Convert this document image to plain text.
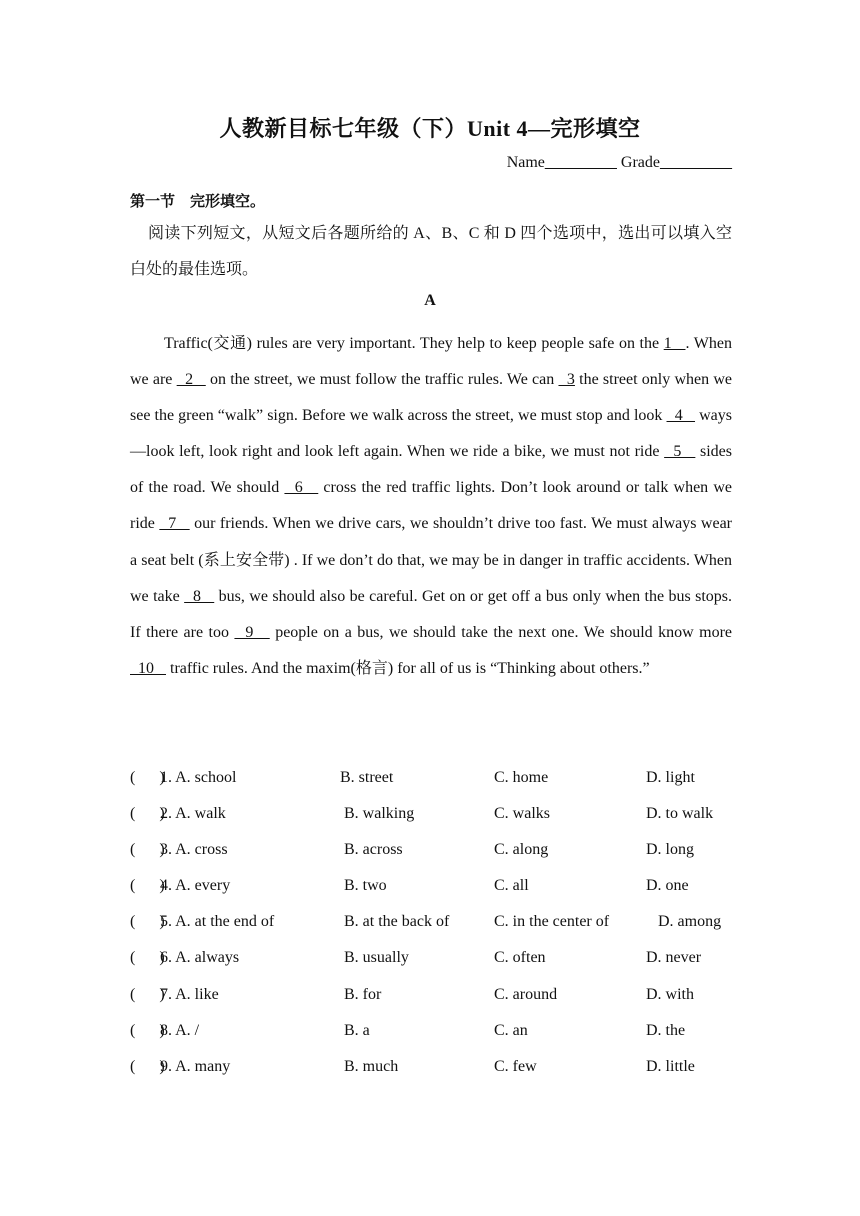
人教新目标七年级（下）Unit 4—完形填空
Name_________ Grade_________
第一节　完形填空。
阅读下列短文，从短文后各题所给的 A、B、C 和 D 四个选项中，选出可以填入空白处的最佳选项。
A
Traffic(交通) rules are very important. They help to keep people safe on the 1   . When we are   2    on the street, we must follow the traffic rules. We can   3 the street only when we see the green “walk” sign. Before we walk across the street, we must stop and look   4    ways—look left, look right and look left again. When we ride a bike, we must not ride   5    sides of the road. We should   6    cross the red traffic lights. Don’t look around or talk when we ride   7    our friends. When we drive cars, we shouldn’t drive too fast. We must always wear a seat belt (系上安全带) . If we don’t do that, we may be in danger in traffic accidents. When we take   8    bus, we should also be careful. Get on or get off a bus only when the bus stops. If there are too   9    people on a bus, we should take the next one. We should know more   10    traffic rules. And the maxim(格言) for all of us is “Thinking about others.”
(      )
1. A. school	B. street	C. home	D. light
(      )
2. A. walk	B. walking	C. walks	D. to walk
(      )
3. A. cross	B. across	C. along	D. long
(      )
4. A. every	B. two	C. all	D. one
(      )
5. A. at the end of	B. at the back of	C. in the center of D. among
(      )
6. A. always	B. usually	C. often	D. never
(      )
7. A. like	B. for	C. around	D. with
(      )
8. A. /	B. a	C. an	D. the
(      )
9. A. many	B. much	C. few	D. little
